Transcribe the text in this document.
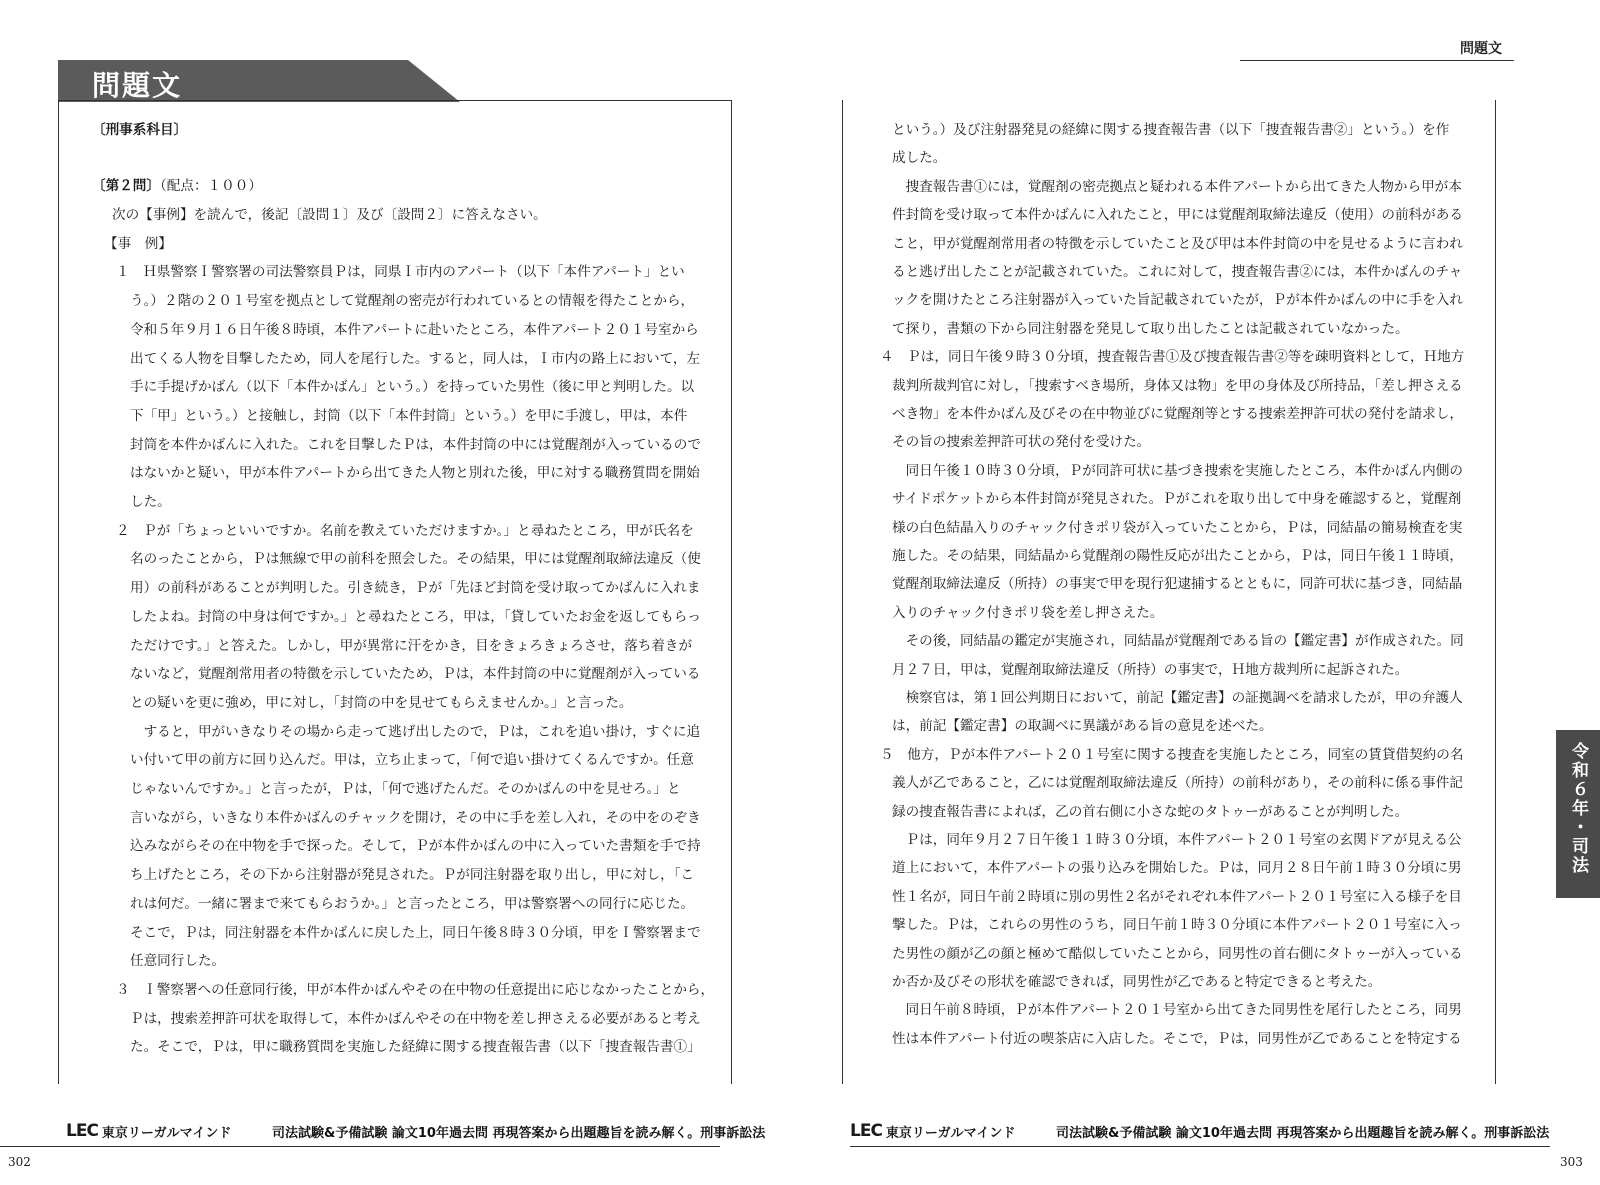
問題文
〔刑事系科目〕
〔第２問〕（配点：１００）
次の【事例】を読んで，後記〔設問１〕及び〔設問２〕に答えなさい。
【事　例】
１　Ｈ県警察Ｉ警察署の司法警察員Ｐは，同県Ｉ市内のアパート（以下「本件アパート」とい
う。）２階の２０１号室を拠点として覚醒剤の密売が行われているとの情報を得たことから，
令和５年９月１６日午後８時頃，本件アパートに赴いたところ，本件アパート２０１号室から
出てくる人物を目撃したため，同人を尾行した。すると，同人は，Ｉ市内の路上において，左
手に手提げかばん（以下「本件かばん」という。）を持っていた男性（後に甲と判明した。以
下「甲」という。）と接触し，封筒（以下「本件封筒」という。）を甲に手渡し，甲は，本件
封筒を本件かばんに入れた。これを目撃したＰは，本件封筒の中には覚醒剤が入っているので
はないかと疑い，甲が本件アパートから出てきた人物と別れた後，甲に対する職務質問を開始
した。
２　Ｐが「ちょっといいですか。名前を教えていただけますか。」と尋ねたところ，甲が氏名を
名のったことから，Ｐは無線で甲の前科を照会した。その結果，甲には覚醒剤取締法違反（使
用）の前科があることが判明した。引き続き，Ｐが「先ほど封筒を受け取ってかばんに入れま
したよね。封筒の中身は何ですか。」と尋ねたところ，甲は，「貸していたお金を返してもらっ
ただけです。」と答えた。しかし，甲が異常に汗をかき，目をきょろきょろさせ，落ち着きが
ないなど，覚醒剤常用者の特徴を示していたため，Ｐは，本件封筒の中に覚醒剤が入っている
との疑いを更に強め，甲に対し，「封筒の中を見せてもらえませんか。」と言った。
　すると，甲がいきなりその場から走って逃げ出したので，Ｐは，これを追い掛け，すぐに追
い付いて甲の前方に回り込んだ。甲は，立ち止まって，「何で追い掛けてくるんですか。任意
じゃないんですか。」と言ったが，Ｐは，「何で逃げたんだ。そのかばんの中を見せろ。」と
言いながら，いきなり本件かばんのチャックを開け，その中に手を差し入れ，その中をのぞき
込みながらその在中物を手で探った。そして，Ｐが本件かばんの中に入っていた書類を手で持
ち上げたところ，その下から注射器が発見された。Ｐが同注射器を取り出し，甲に対し，「こ
れは何だ。一緒に署まで来てもらおうか。」と言ったところ，甲は警察署への同行に応じた。
そこで，Ｐは，同注射器を本件かばんに戻した上，同日午後８時３０分頃，甲をＩ警察署まで
任意同行した。
３　Ｉ警察署への任意同行後，甲が本件かばんやその在中物の任意提出に応じなかったことから，
Ｐは，捜索差押許可状を取得して，本件かばんやその在中物を差し押さえる必要があると考え
た。そこで，Ｐは，甲に職務質問を実施した経緯に関する捜査報告書（以下「捜査報告書①」
問題文
という。）及び注射器発見の経緯に関する捜査報告書（以下「捜査報告書②」という。）を作
成した。
　捜査報告書①には，覚醒剤の密売拠点と疑われる本件アパートから出てきた人物から甲が本
件封筒を受け取って本件かばんに入れたこと，甲には覚醒剤取締法違反（使用）の前科がある
こと，甲が覚醒剤常用者の特徴を示していたこと及び甲は本件封筒の中を見せるように言われ
ると逃げ出したことが記載されていた。これに対して，捜査報告書②には，本件かばんのチャ
ックを開けたところ注射器が入っていた旨記載されていたが，Ｐが本件かばんの中に手を入れ
て探り，書類の下から同注射器を発見して取り出したことは記載されていなかった。
４　Ｐは，同日午後９時３０分頃，捜査報告書①及び捜査報告書②等を疎明資料として，Ｈ地方
裁判所裁判官に対し，「捜索すべき場所，身体又は物」を甲の身体及び所持品，「差し押さえる
べき物」を本件かばん及びその在中物並びに覚醒剤等とする捜索差押許可状の発付を請求し，
その旨の捜索差押許可状の発付を受けた。
　同日午後１０時３０分頃，Ｐが同許可状に基づき捜索を実施したところ，本件かばん内側の
サイドポケットから本件封筒が発見された。Ｐがこれを取り出して中身を確認すると，覚醒剤
様の白色結晶入りのチャック付きポリ袋が入っていたことから，Ｐは，同結晶の簡易検査を実
施した。その結果，同結晶から覚醒剤の陽性反応が出たことから，Ｐは，同日午後１１時頃，
覚醒剤取締法違反（所持）の事実で甲を現行犯逮捕するとともに，同許可状に基づき，同結晶
入りのチャック付きポリ袋を差し押さえた。
　その後，同結晶の鑑定が実施され，同結晶が覚醒剤である旨の【鑑定書】が作成された。同
月２７日，甲は，覚醒剤取締法違反（所持）の事実で，Ｈ地方裁判所に起訴された。
　検察官は，第１回公判期日において，前記【鑑定書】の証拠調べを請求したが，甲の弁護人
は，前記【鑑定書】の取調べに異議がある旨の意見を述べた。
５　他方，Ｐが本件アパート２０１号室に関する捜査を実施したところ，同室の賃貸借契約の名
義人が乙であること，乙には覚醒剤取締法違反（所持）の前科があり，その前科に係る事件記
録の捜査報告書によれば，乙の首右側に小さな蛇のタトゥーがあることが判明した。
　Ｐは，同年９月２７日午後１１時３０分頃，本件アパート２０１号室の玄関ドアが見える公
道上において，本件アパートの張り込みを開始した。Ｐは，同月２８日午前１時３０分頃に男
性１名が，同日午前２時頃に別の男性２名がそれぞれ本件アパート２０１号室に入る様子を目
撃した。Ｐは，これらの男性のうち，同日午前１時３０分頃に本件アパート２０１号室に入っ
た男性の顔が乙の顔と極めて酷似していたことから，同男性の首右側にタトゥーが入っている
か否か及びその形状を確認できれば，同男性が乙であると特定できると考えた。
　同日午前８時頃，Ｐが本件アパート２０１号室から出てきた同男性を尾行したところ，同男
性は本件アパート付近の喫茶店に入店した。そこで，Ｐは，同男性が乙であることを特定する
令和６年・司法
LEC 東京リーガルマインド	司法試験&予備試験 論文10年過去問 再現答案から出題趣旨を読み解く。刑事訴訟法
302
LEC 東京リーガルマインド	司法試験&予備試験 論文10年過去問 再現答案から出題趣旨を読み解く。刑事訴訟法
303
